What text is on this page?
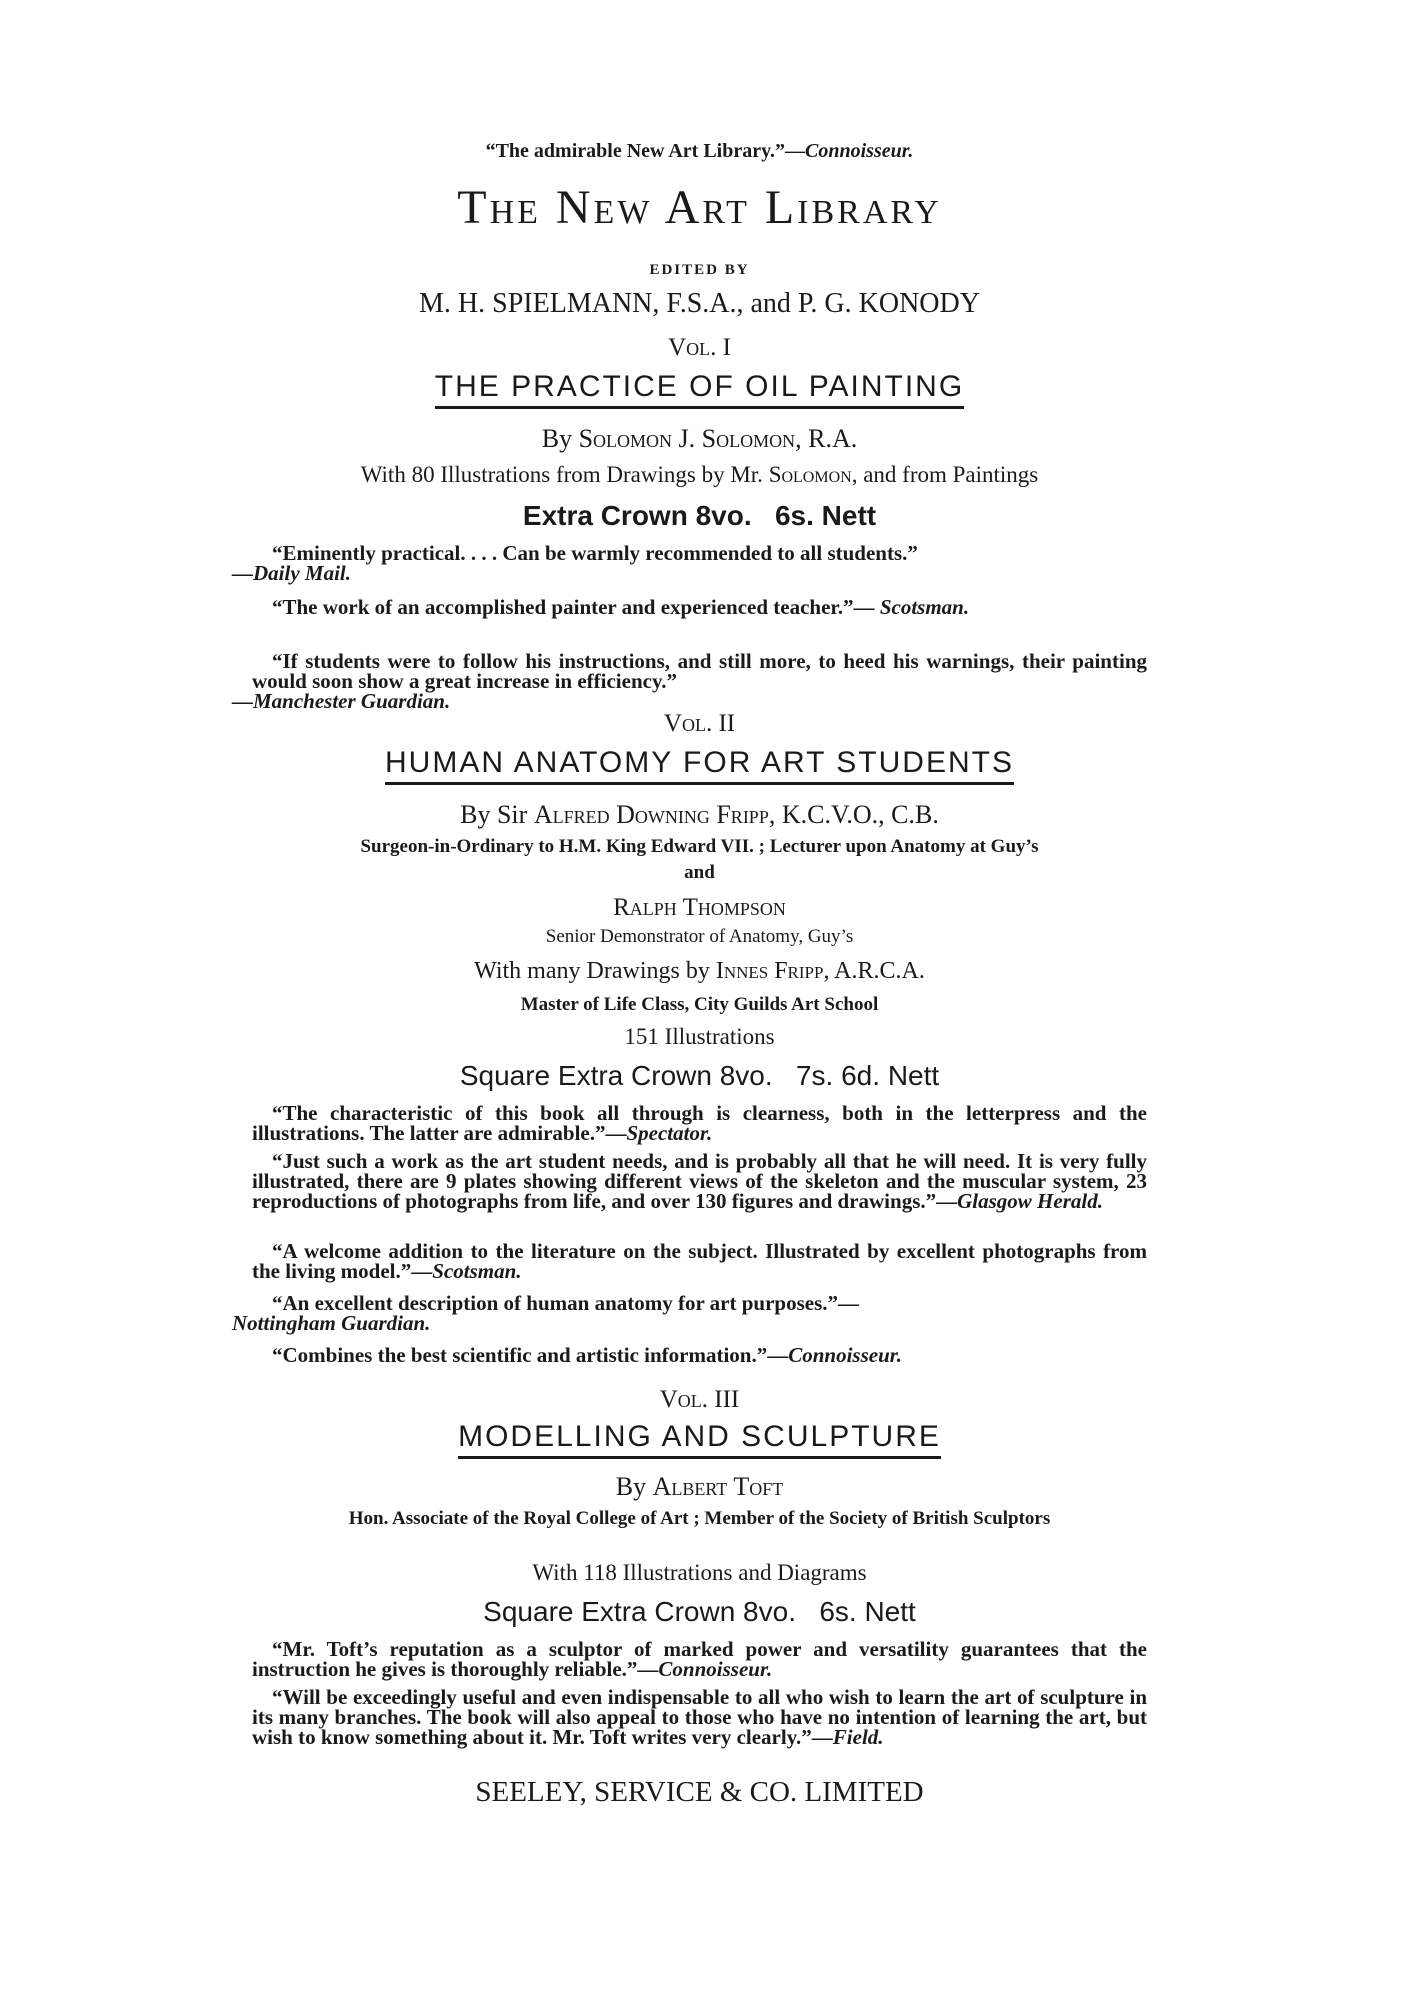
“The admirable New Art Library.”—Connoisseur.
The New Art Library
EDITED BY
M. H. SPIELMANN, F.S.A., and P. G. KONODY
Vol. I
THE PRACTICE OF OIL PAINTING
By Solomon J. Solomon, R.A.
With 80 Illustrations from Drawings by Mr. Solomon, and from Paintings
Extra Crown 8vo.   6s. Nett
“Eminently practical. . . . Can be warmly recommended to all students.”
—Daily Mail.
“The work of an accomplished painter and experienced teacher.”— Scotsman.
“If students were to follow his instructions, and still more, to heed his warnings, their painting would soon show a great increase in efficiency.”
—Manchester Guardian.
Vol. II
HUMAN ANATOMY FOR ART STUDENTS
By Sir Alfred Downing Fripp, K.C.V.O., C.B.
Surgeon-in-Ordinary to H.M. King Edward VII. ; Lecturer upon Anatomy at Guy’s
and
Ralph Thompson
Senior Demonstrator of Anatomy, Guy’s
With many Drawings by Innes Fripp, A.R.C.A.
Master of Life Class, City Guilds Art School
151 Illustrations
Square Extra Crown 8vo.   7s. 6d. Nett
“The characteristic of this book all through is clearness, both in the letterpress and the illustrations. The latter are admirable.”—Spectator.
“Just such a work as the art student needs, and is probably all that he will need. It is very fully illustrated, there are 9 plates showing different views of the skeleton and the muscular system, 23 reproductions of photographs from life, and over 130 figures and drawings.”—Glasgow Herald.
“A welcome addition to the literature on the subject. Illustrated by excellent photographs from the living model.”—Scotsman.
“An excellent description of human anatomy for art purposes.”—
Nottingham Guardian.
“Combines the best scientific and artistic information.”—Connoisseur.
Vol. III
MODELLING AND SCULPTURE
By Albert Toft
Hon. Associate of the Royal College of Art ; Member of the Society of British Sculptors
With 118 Illustrations and Diagrams
Square Extra Crown 8vo.   6s. Nett
“Mr. Toft’s reputation as a sculptor of marked power and versatility guarantees that the instruction he gives is thoroughly reliable.”—Connoisseur.
“Will be exceedingly useful and even indispensable to all who wish to learn the art of sculpture in its many branches. The book will also appeal to those who have no intention of learning the art, but wish to know something about it. Mr. Toft writes very clearly.”—Field.
SEELEY, SERVICE & CO. LIMITED
